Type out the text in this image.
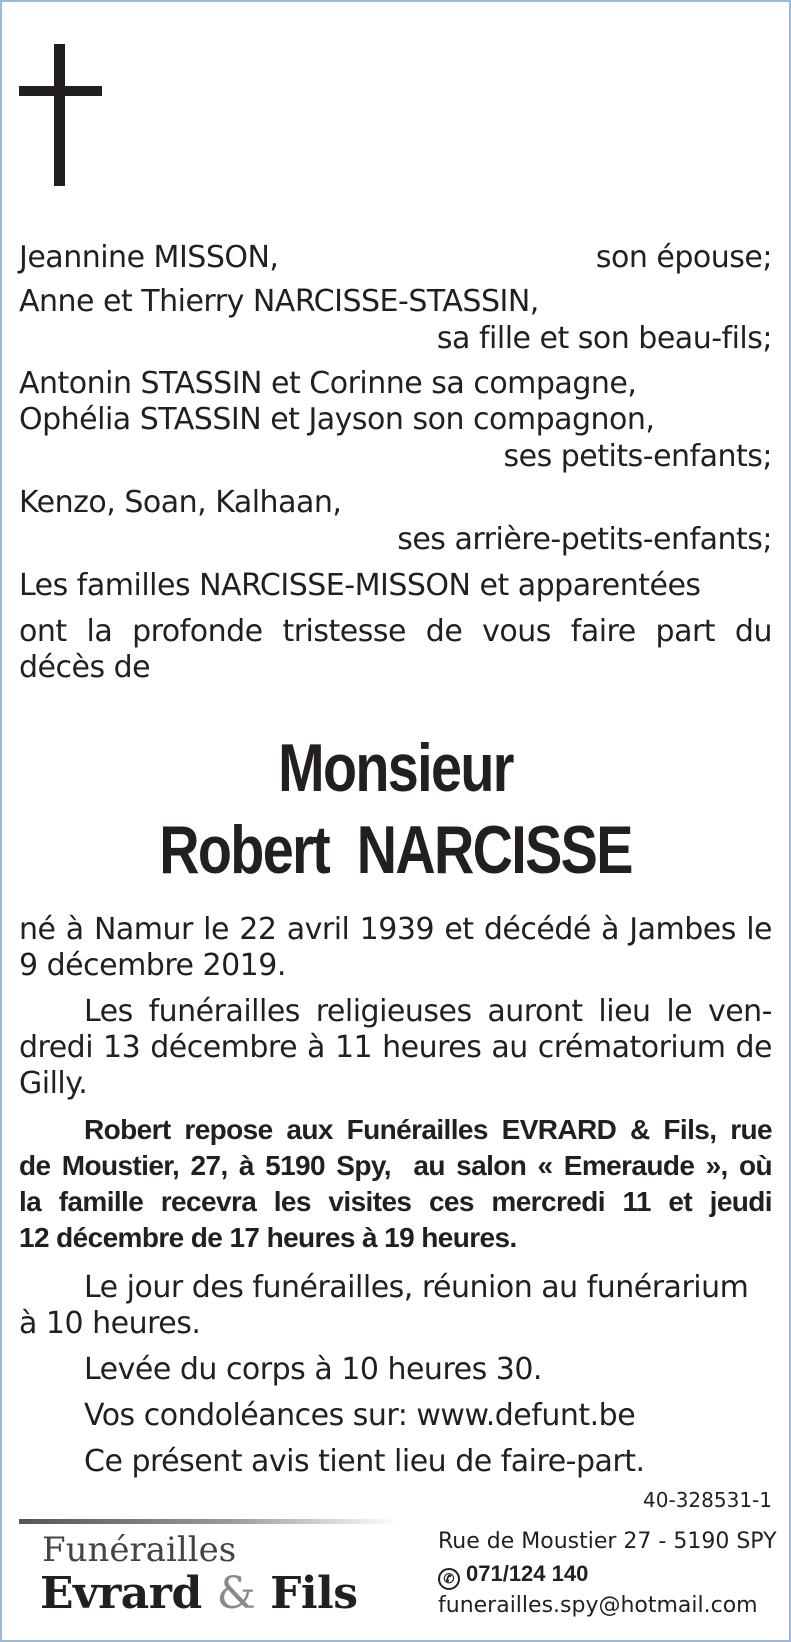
Jeannine MISSON,	son épouse;
Anne et Thierry NARCISSE-STASSIN,
sa fille et son beau-fils;
Antonin STASSIN et Corinne sa compagne,
Ophélia STASSIN et Jayson son compagnon,
ses petits-enfants;
Kenzo, Soan, Kalhaan,
ses arrière-petits-enfants;
Les familles NARCISSE-MISSON et apparentées
ont la profonde tristesse de vous faire part du
décès de
Monsieur
Robert  NARCISSE
né à Namur le 22 avril 1939 et décédé à Jambes le
9 décembre 2019.
Les funérailles religieuses auront lieu le ven-
dredi 13 décembre à 11 heures au crématorium de
Gilly.
Robert repose aux Funérailles EVRARD & Fils, rue
de Moustier, 27, à 5190 Spy,  au salon « Emeraude », où
la famille recevra les visites ces mercredi 11 et jeudi
12 décembre de 17 heures à 19 heures.
Le jour des funérailles, réunion au funérarium
à 10 heures.
Levée du corps à 10 heures 30.
Vos condoléances sur: www.defunt.be
Ce présent avis tient lieu de faire-part.
40-328531-1
Funérailles
Evrard & Fils
Rue de Moustier 27 - 5190 SPY
✆ 071/124 140
funerailles.spy@hotmail.com
